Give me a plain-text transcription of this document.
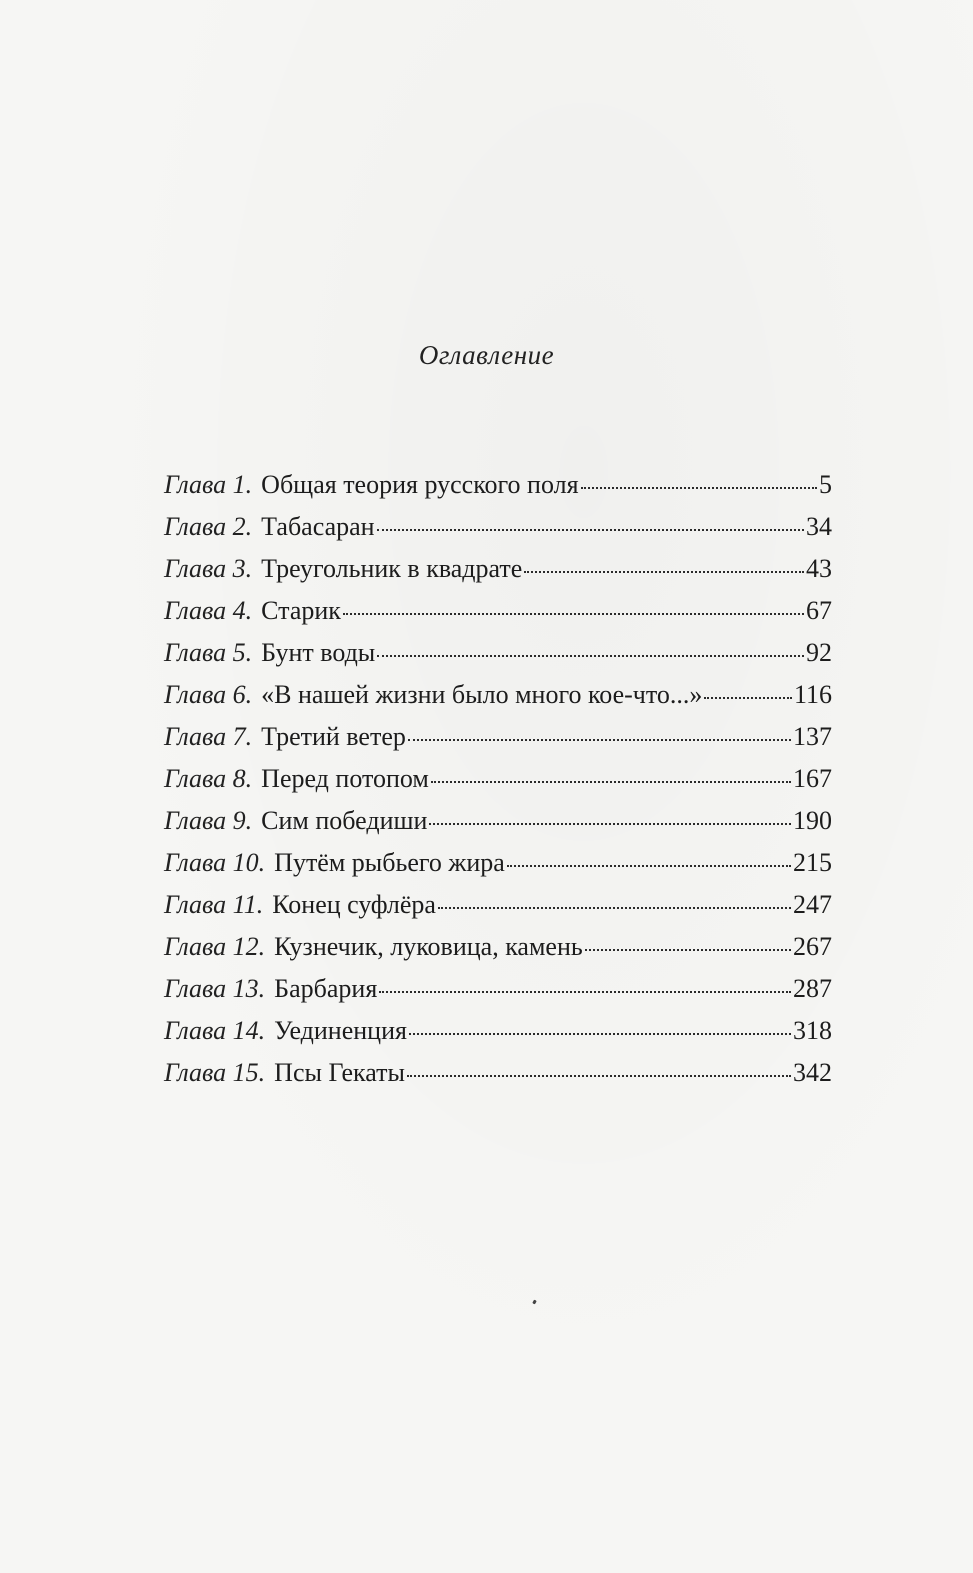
Оглавление
Глава 1. Общая теория русского поля	5
Глава 2. Табасаран	34
Глава 3. Треугольник в квадрате	43
Глава 4. Старик	67
Глава 5. Бунт воды	92
Глава 6. «В нашей жизни было много кое-что...»	116
Глава 7. Третий ветер	137
Глава 8. Перед потопом	167
Глава 9. Сим победиши	190
Глава 10. Путём рыбьего жира	215
Глава 11. Конец суфлёра	247
Глава 12. Кузнечик, луковица, камень	267
Глава 13. Барбария	287
Глава 14. Уединенция	318
Глава 15. Псы Гекаты	342
